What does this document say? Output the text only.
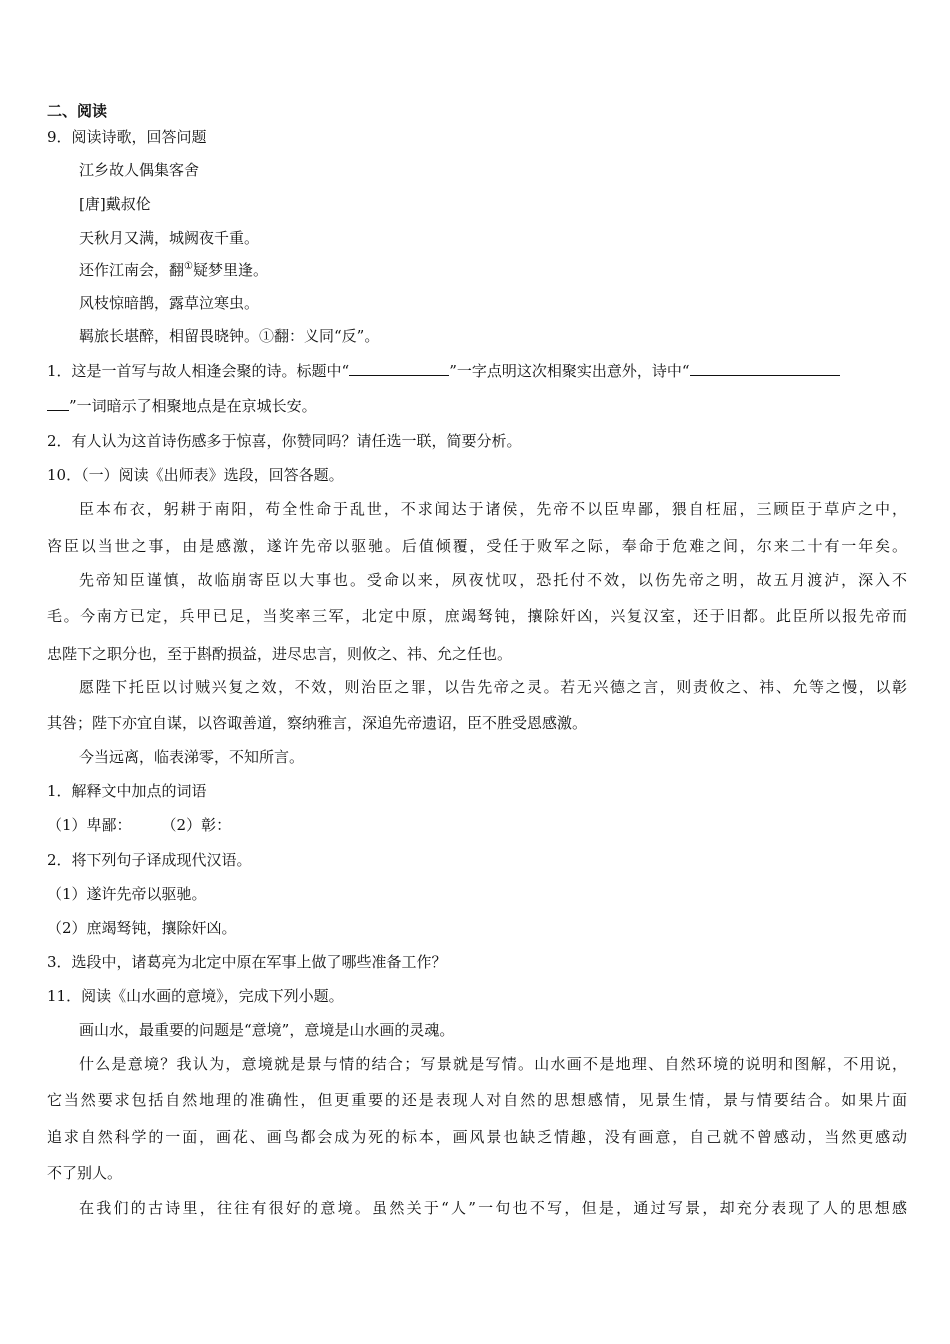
二、阅读
9．阅读诗歌，回答问题
江乡故人偶集客舍
[唐]戴叔伦
天秋月又满，城阙夜千重。
还作江南会，翻①疑梦里逢。
风枝惊暗鹊，露草泣寒虫。
羁旅长堪醉，相留畏晓钟。①翻：义同“反”。
1．这是一首写与故人相逢会聚的诗。标题中“	”一字点明这次相聚实出意外，诗中“
”一词暗示了相聚地点是在京城长安。
2．有人认为这首诗伤感多于惊喜，你赞同吗？请任选一联，简要分析。
10．（一）阅读《出师表》选段，回答各题。
臣本布衣，躬耕于南阳，苟全性命于乱世，不求闻达于诸侯，先帝不以臣卑鄙，猥自枉屈，三顾臣于草庐之中，
咨臣以当世之事，由是感激，遂许先帝以驱驰。后值倾覆，受任于败军之际，奉命于危难之间，尔来二十有一年矣。
先帝知臣谨慎，故临崩寄臣以大事也。受命以来，夙夜忧叹，恐托付不效，以伤先帝之明，故五月渡泸，深入不
毛。今南方已定，兵甲已足，当奖率三军，北定中原，庶竭驽钝，攘除奸凶，兴复汉室，还于旧都。此臣所以报先帝而
忠陛下之职分也，至于斟酌损益，进尽忠言，则攸之、祎、允之任也。
愿陛下托臣以讨贼兴复之效，不效，则治臣之罪，以告先帝之灵。若无兴德之言，则责攸之、祎、允等之慢，以彰
其咎；陛下亦宜自谋，以咨诹善道，察纳雅言，深追先帝遗诏，臣不胜受恩感激。
今当远离，临表涕零，不知所言。
1．解释文中加点的词语
（1）卑鄙：　　　（2）彰：
2．将下列句子译成现代汉语。
（1）遂许先帝以驱驰。
（2）庶竭驽钝，攘除奸凶。
3．选段中，诸葛亮为北定中原在军事上做了哪些准备工作？
11．阅读《山水画的意境》，完成下列小题。
画山水，最重要的问题是“意境”，意境是山水画的灵魂。
什么是意境？我认为，意境就是景与情的结合；写景就是写情。山水画不是地理、自然环境的说明和图解，不用说，
它当然要求包括自然地理的准确性，但更重要的还是表现人对自然的思想感情，见景生情，景与情要结合。如果片面
追求自然科学的一面，画花、画鸟都会成为死的标本，画风景也缺乏情趣，没有画意，自己就不曾感动，当然更感动
不了别人。
在我们的古诗里，往往有很好的意境。虽然关于“人”一句也不写，但是，通过写景，却充分表现了人的思想感
